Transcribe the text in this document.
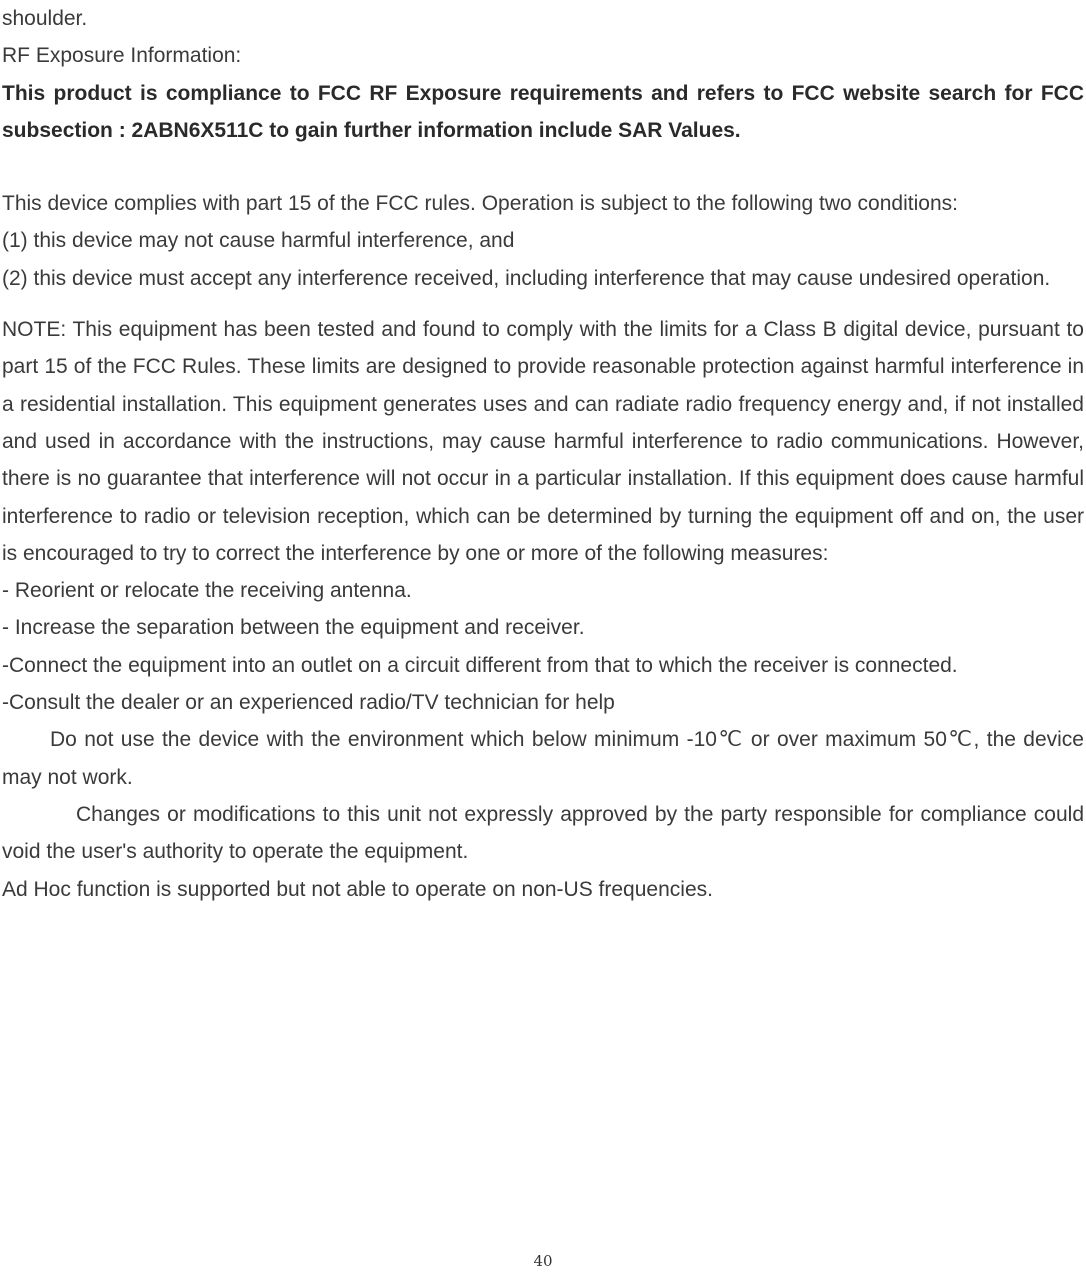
shoulder.

RF Exposure Information:

This product is compliance to FCC RF Exposure requirements and refers to FCC website search for FCC subsection : 2ABN6X511C to gain further information include SAR Values.

This device complies with part 15 of the FCC rules. Operation is subject to the following two conditions:

(1) this device may not cause harmful interference, and

(2) this device must accept any interference received, including interference that may cause undesired operation.

NOTE: This equipment has been tested and found to comply with the limits for a Class B digital device, pursuant to part 15 of the FCC Rules. These limits are designed to provide reasonable protection against harmful interference in a residential installation. This equipment generates uses and can radiate radio frequency energy and, if not installed and used in accordance with the instructions, may cause harmful interference to radio communications. However, there is no guarantee that interference will not occur in a particular installation. If this equipment does cause harmful interference to radio or television reception, which can be determined by turning the equipment off and on, the user is encouraged to try to correct the interference by one or more of the following measures:

- Reorient or relocate the receiving antenna.

- Increase the separation between the equipment and receiver.

-Connect the equipment into an outlet on a circuit different from that to which the receiver is connected.

-Consult the dealer or an experienced radio/TV technician for help

Do not use the device with the environment which below minimum -10℃ or over maximum 50℃, the device may not work.

Changes or modifications to this unit not expressly approved by the party responsible for compliance could void the user's authority to operate the equipment.

Ad Hoc function is supported but not able to operate on non-US frequencies.

40
